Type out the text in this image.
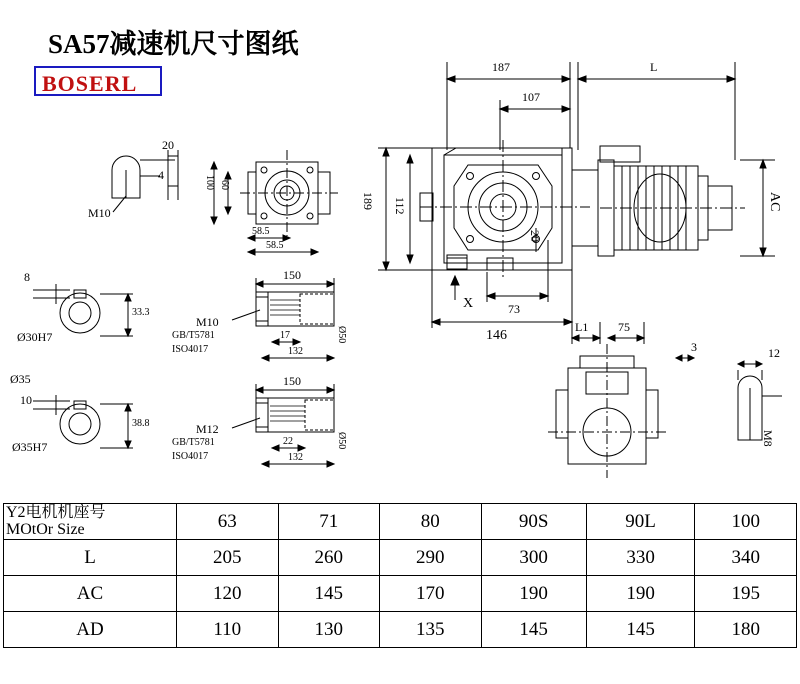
SA57减速机尺寸图纸
BOSERL
187	L
107
189 112
20
X	73
146
AC
20
4
M10
100 60
58.5
58.5
8
Ø30H7
33.3
Ø35
10
Ø35H7
38.8
150
M10
GB/T5781
ISO4017
17
132
Ø50
150
M12
GB/T5781
ISO4017
22
132
Ø50
L1 75
3	12
M8
Y2电机机座号
MOtOr Size	63	71	80	90S	90L	100
L	205	260	290	300	330	340
AC	120	145	170	190	190	195
AD	110	130	135	145	145	180
